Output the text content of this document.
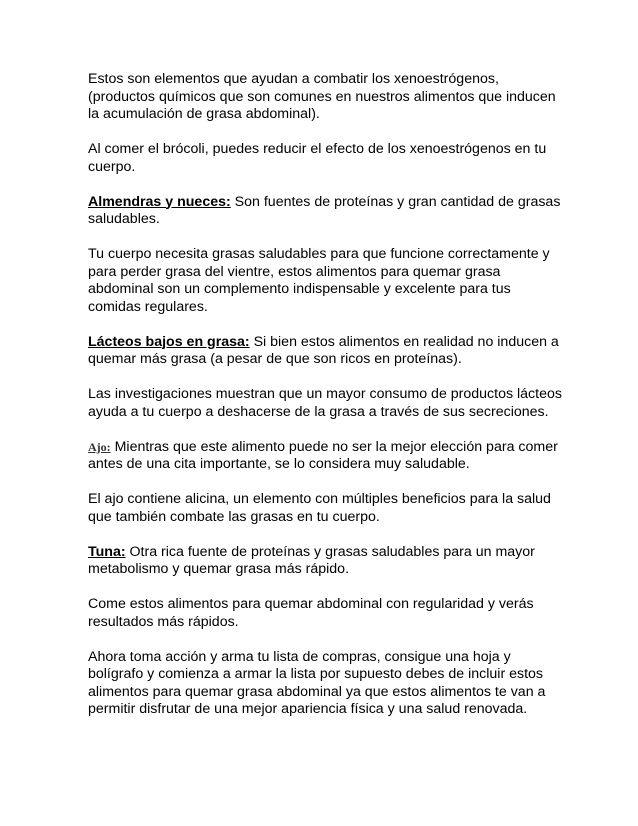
Estos son elementos que ayudan a combatir los xenoestrógenos, (productos químicos que son comunes en nuestros alimentos que inducen la acumulación de grasa abdominal).

Al comer el brócoli, puedes reducir el efecto de los xenoestrógenos en tu cuerpo.

Almendras y nueces: Son fuentes de proteínas y gran cantidad de grasas saludables.

Tu cuerpo necesita grasas saludables para que funcione correctamente y para perder grasa del vientre, estos alimentos para quemar grasa abdominal son un complemento indispensable y excelente para tus comidas regulares.

Lácteos bajos en grasa: Si bien estos alimentos en realidad no inducen a quemar más grasa (a pesar de que son ricos en proteínas).

Las investigaciones muestran que un mayor consumo de productos lácteos ayuda a tu cuerpo a deshacerse de la grasa a través de sus secreciones.

Ajo: Mientras que este alimento puede no ser la mejor elección para comer antes de una cita importante, se lo considera muy saludable.

El ajo contiene alicina, un elemento con múltiples beneficios para la salud que también combate las grasas en tu cuerpo.

Tuna: Otra rica fuente de proteínas y grasas saludables para un mayor metabolismo y quemar grasa más rápido.

Come estos alimentos para quemar abdominal con regularidad y verás resultados más rápidos.

Ahora toma acción y arma tu lista de compras, consigue una hoja y bolígrafo y comienza a armar la lista por supuesto debes de incluir estos alimentos para quemar grasa abdominal ya que estos alimentos te van a permitir disfrutar de una mejor apariencia física y una salud renovada.
